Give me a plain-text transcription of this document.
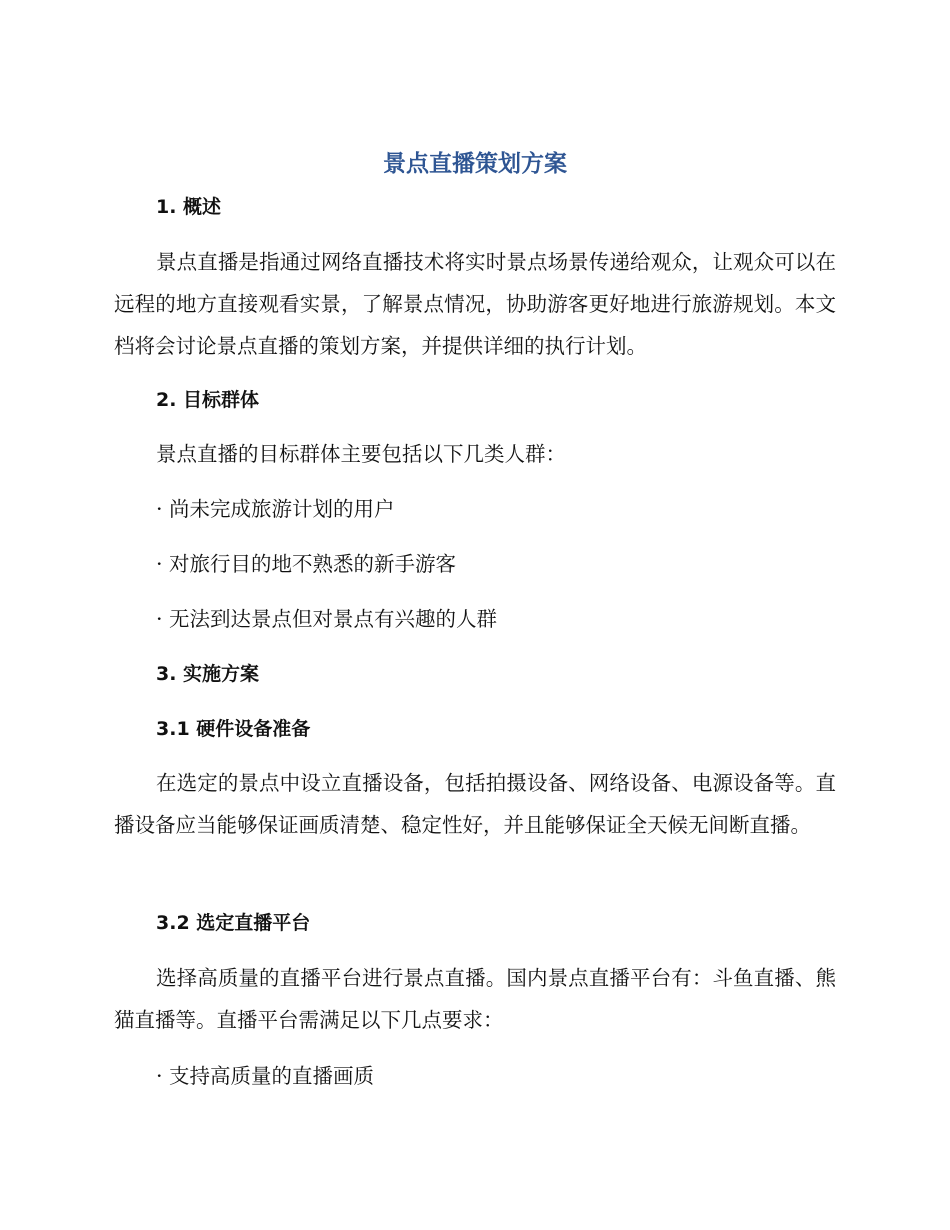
景点直播策划方案
1. 概述
景点直播是指通过网络直播技术将实时景点场景传递给观众，让观众可以在远程的地方直接观看实景，了解景点情况，协助游客更好地进行旅游规划。本文档将会讨论景点直播的策划方案，并提供详细的执行计划。
2. 目标群体
景点直播的目标群体主要包括以下几类人群：
· 尚未完成旅游计划的用户
· 对旅行目的地不熟悉的新手游客
· 无法到达景点但对景点有兴趣的人群
3. 实施方案
3.1 硬件设备准备
在选定的景点中设立直播设备，包括拍摄设备、网络设备、电源设备等。直播设备应当能够保证画质清楚、稳定性好，并且能够保证全天候无间断直播。
3.2 选定直播平台
选择高质量的直播平台进行景点直播。国内景点直播平台有：斗鱼直播、熊猫直播等。直播平台需满足以下几点要求：
· 支持高质量的直播画质
